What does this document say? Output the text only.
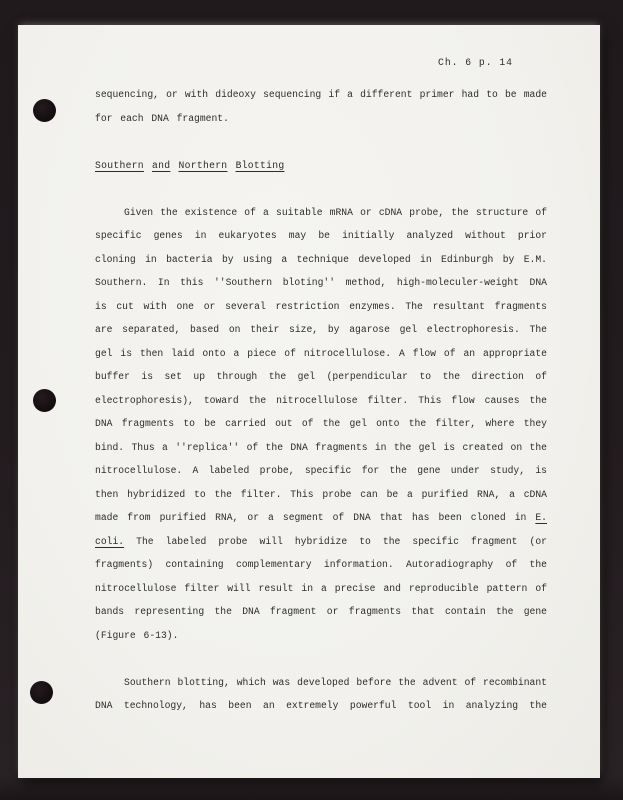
Ch. 6 p. 14
sequencing, or with dideoxy sequencing if a different primer had to be made
for each DNA fragment.
Southern and Northern Blotting
Given the existence of a suitable mRNA or cDNA probe, the structure of
specific genes in eukaryotes may be initially analyzed without prior
cloning in bacteria by using a technique developed in Edinburgh by E.M.
Southern. In this ''Southern bloting'' method, high-moleculer-weight DNA
is cut with one or several restriction enzymes. The resultant fragments
are separated, based on their size, by agarose gel electrophoresis. The
gel is then laid onto a piece of nitrocellulose. A flow of an appropriate
buffer is set up through the gel (perpendicular to the direction of
electrophoresis), toward the nitrocellulose filter. This flow causes the
DNA fragments to be carried out of the gel onto the filter, where they
bind. Thus a ''replica'' of the DNA fragments in the gel is created on the
nitrocellulose. A labeled probe, specific for the gene under study, is
then hybridized to the filter. This probe can be a purified RNA, a cDNA
made from purified RNA, or a segment of DNA that has been cloned in E.
coli. The labeled probe will hybridize to the specific fragment (or
fragments) containing complementary information. Autoradiography of the
nitrocellulose filter will result in a precise and reproducible pattern of
bands representing the DNA fragment or fragments that contain the gene
(Figure 6-13).
Southern blotting, which was developed before the advent of recombinant
DNA technology, has been an extremely powerful tool in analyzing the
